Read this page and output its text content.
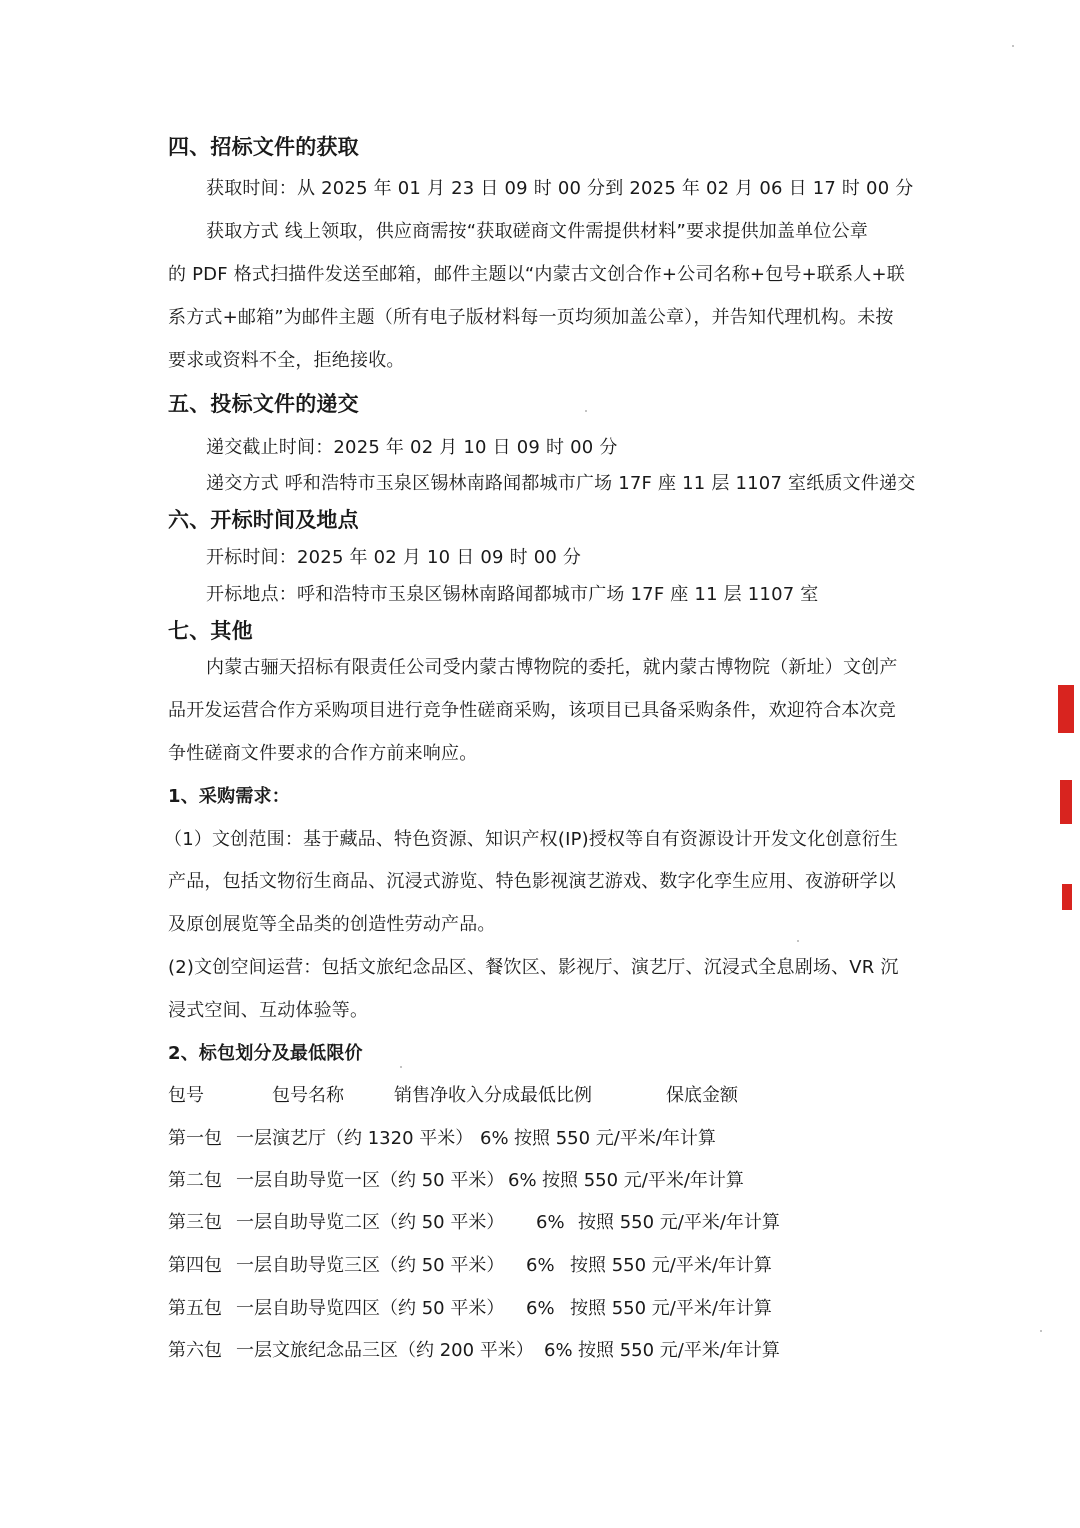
四、招标文件的获取
获取时间：从 2025 年 01 月 23 日 09 时 00 分到 2025 年 02 月 06 日 17 时 00 分
获取方式 线上领取，供应商需按“获取磋商文件需提供材料”要求提供加盖单位公章
的 PDF 格式扫描件发送至邮箱，邮件主题以“内蒙古文创合作+公司名称+包号+联系人+联
系方式+邮箱”为邮件主题（所有电子版材料每一页均须加盖公章），并告知代理机构。未按
要求或资料不全，拒绝接收。
五、投标文件的递交
递交截止时间：2025 年 02 月 10 日 09 时 00 分
递交方式 呼和浩特市玉泉区锡林南路闻都城市广场 17F 座 11 层 1107 室纸质文件递交
六、开标时间及地点
开标时间：2025 年 02 月 10 日 09 时 00 分
开标地点：呼和浩特市玉泉区锡林南路闻都城市广场 17F 座 11 层 1107 室
七、其他
内蒙古骊天招标有限责任公司受内蒙古博物院的委托，就内蒙古博物院（新址）文创产
品开发运营合作方采购项目进行竞争性磋商采购，该项目已具备采购条件，欢迎符合本次竞
争性磋商文件要求的合作方前来响应。
1、采购需求：
（1）文创范围：基于藏品、特色资源、知识产权(IP)授权等自有资源设计开发文化创意衍生
产品，包括文物衍生商品、沉浸式游览、特色影视演艺游戏、数字化孪生应用、夜游研学以
及原创展览等全品类的创造性劳动产品。
(2)文创空间运营：包括文旅纪念品区、餐饮区、影视厅、演艺厅、沉浸式全息剧场、VR 沉
浸式空间、互动体验等。
2、标包划分及最低限价
包号	包号名称	销售净收入分成最低比例	保底金额
第一包 一层演艺厅（约 1320 平米） 6% 按照 550 元/平米/年计算
第二包 一层自助导览一区（约 50 平米） 6% 按照 550 元/平米/年计算
第三包 一层自助导览二区（约 50 平米） 6% 按照 550 元/平米/年计算
第四包 一层自助导览三区（约 50 平米） 6% 按照 550 元/平米/年计算
第五包 一层自助导览四区（约 50 平米） 6% 按照 550 元/平米/年计算
第六包 一层文旅纪念品三区（约 200 平米） 6% 按照 550 元/平米/年计算
